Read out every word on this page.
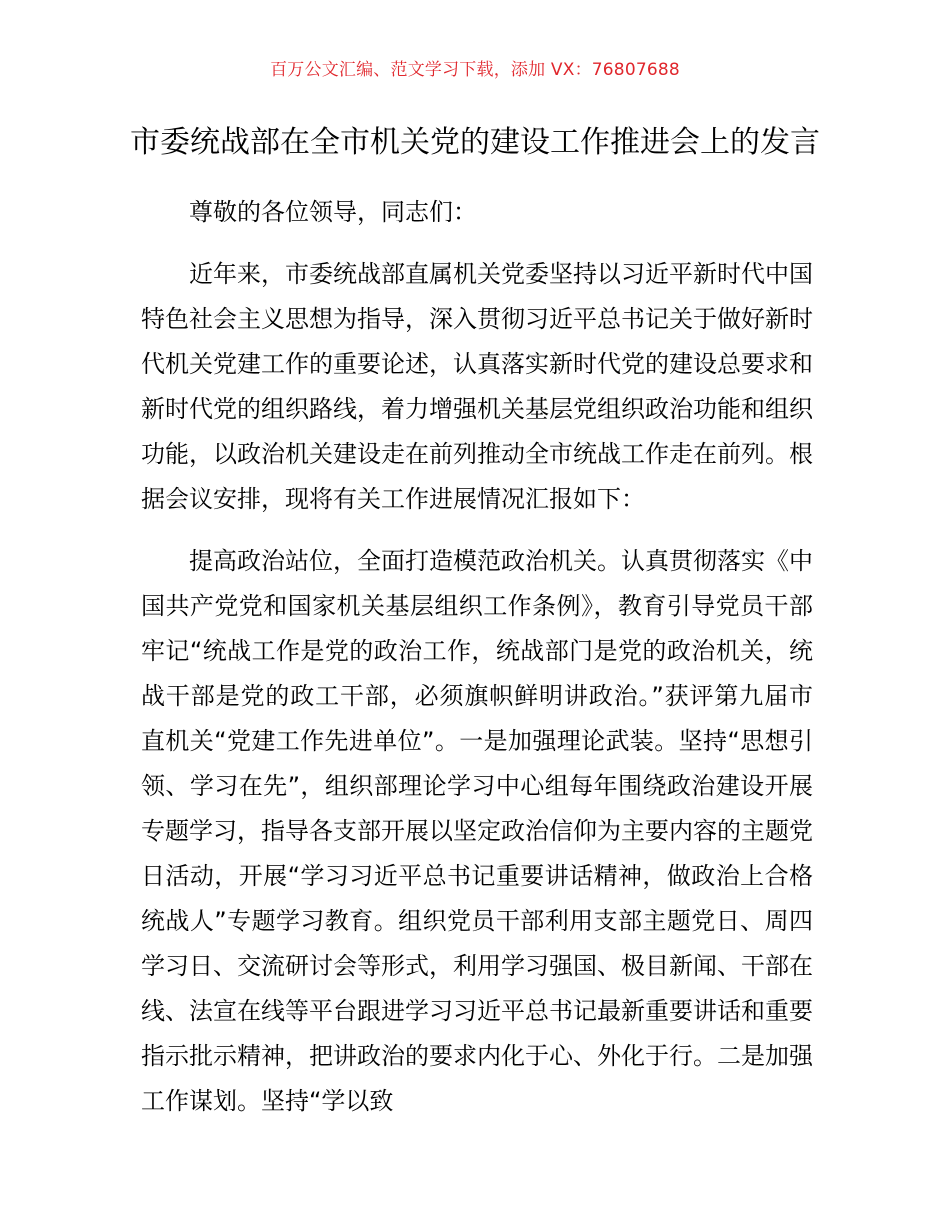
百万公文汇编、范文学习下载，添加 VX：76807688
市委统战部在全市机关党的建设工作推进会上的发言

尊敬的各位领导，同志们：

近年来，市委统战部直属机关党委坚持以习近平新时代中国特色社会主义思想为指导，深入贯彻习近平总书记关于做好新时代机关党建工作的重要论述，认真落实新时代党的建设总要求和新时代党的组织路线，着力增强机关基层党组织政治功能和组织功能，以政治机关建设走在前列推动全市统战工作走在前列。根据会议安排，现将有关工作进展情况汇报如下：

提高政治站位，全面打造模范政治机关。认真贯彻落实《中国共产党党和国家机关基层组织工作条例》，教育引导党员干部牢记“统战工作是党的政治工作，统战部门是党的政治机关，统战干部是党的政工干部，必须旗帜鲜明讲政治。”获评第九届市直机关“党建工作先进单位”。一是加强理论武装。坚持“思想引领、学习在先”，组织部理论学习中心组每年围绕政治建设开展专题学习，指导各支部开展以坚定政治信仰为主要内容的主题党日活动，开展“学习习近平总书记重要讲话精神，做政治上合格统战人”专题学习教育。组织党员干部利用支部主题党日、周四学习日、交流研讨会等形式，利用学习强国、极目新闻、干部在线、法宣在线等平台跟进学习习近平总书记最新重要讲话和重要指示批示精神，把讲政治的要求内化于心、外化于行。二是加强工作谋划。坚持“学以致
